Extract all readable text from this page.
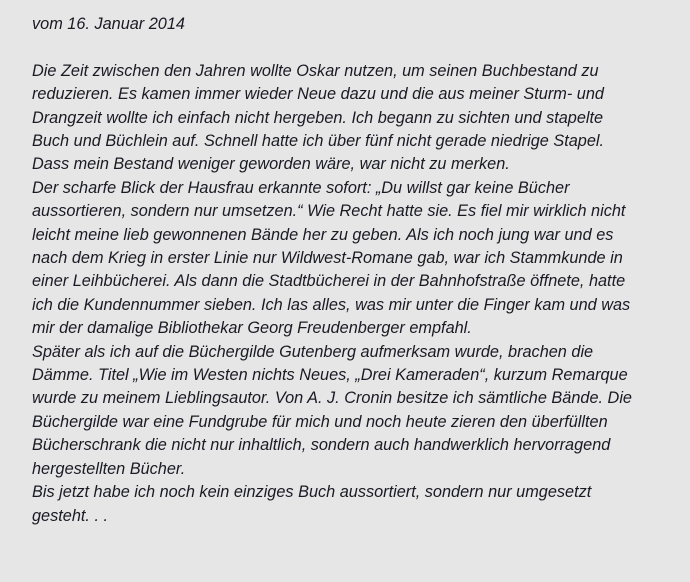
vom 16. Januar 2014

Die Zeit zwischen den Jahren wollte Oskar nutzen, um seinen Buchbestand zu
reduzieren. Es kamen immer wieder Neue dazu und die aus meiner Sturm- und
Drangzeit wollte ich einfach nicht hergeben. Ich begann zu sichten und stapelte
Buch und Büchlein auf. Schnell hatte ich über fünf nicht gerade niedrige Stapel.
Dass mein Bestand weniger geworden wäre, war nicht zu merken.
Der scharfe Blick der Hausfrau erkannte sofort: „Du willst gar keine Bücher
aussortieren, sondern nur umsetzen.“ Wie Recht hatte sie. Es fiel mir wirklich nicht
leicht meine lieb gewonnenen Bände her zu geben. Als ich noch jung war und es
nach dem Krieg in erster Linie nur Wildwest-Romane gab, war ich Stammkunde in
einer Leihbücherei. Als dann die Stadtbücherei in der Bahnhofstraße öffnete, hatte
ich die Kundennummer sieben. Ich las alles, was mir unter die Finger kam und was
mir der damalige Bibliothekar Georg Freudenberger empfahl.
Später als ich auf die Büchergilde Gutenberg aufmerksam wurde, brachen die
Dämme. Titel „Wie im Westen nichts Neues, „Drei Kameraden“, kurzum Remarque
wurde zu meinem Lieblingsautor. Von A. J. Cronin besitze ich sämtliche Bände. Die
Büchergilde war eine Fundgrube für mich und noch heute zieren den überfüllten
Bücherschrank die nicht nur inhaltlich, sondern auch handwerklich hervorragend
hergestellten Bücher.
Bis jetzt habe ich noch kein einziges Buch aussortiert, sondern nur umgesetzt
gesteht. . .
